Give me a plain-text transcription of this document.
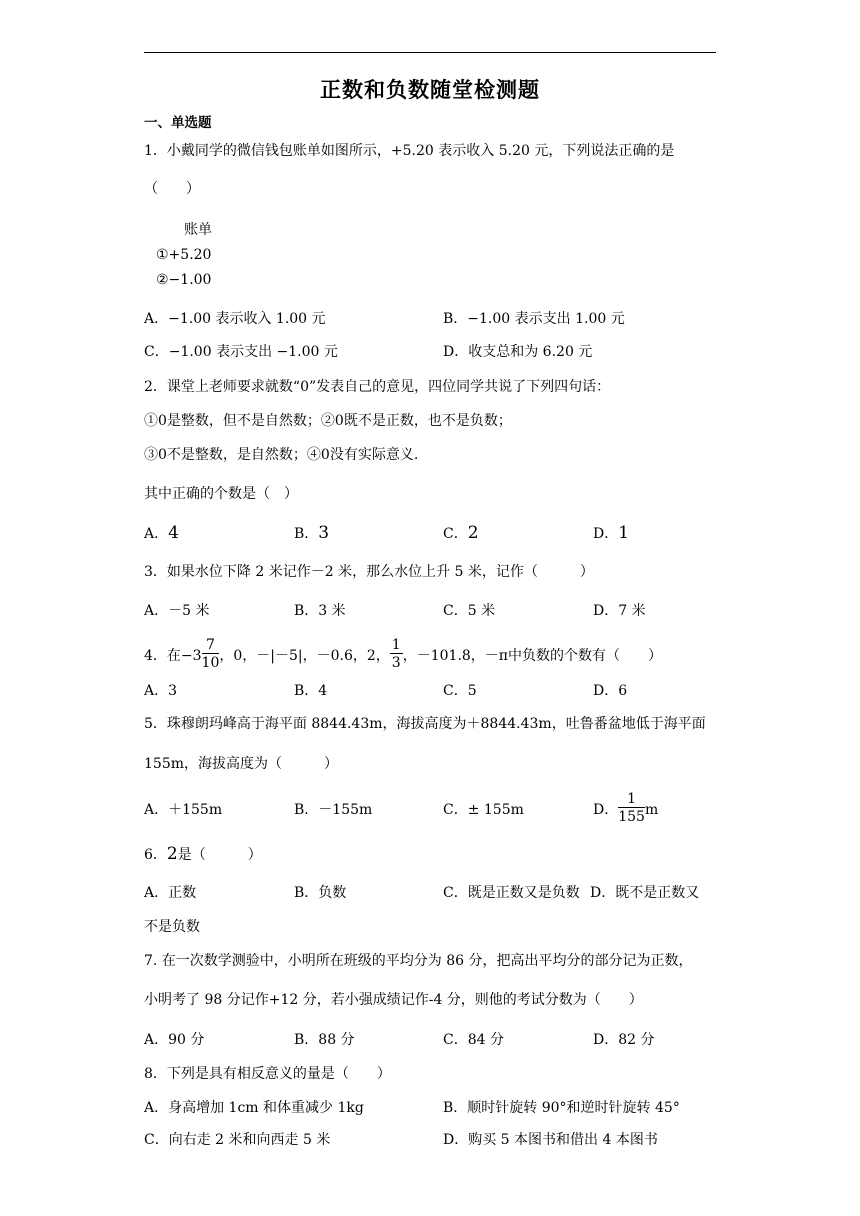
正数和负数随堂检测题
一、单选题
1．小戴同学的微信钱包账单如图所示，+5.20 表示收入 5.20 元，下列说法正确的是
（　　）
账单
①+5.20
②−1.00
A．−1.00 表示收入 1.00 元	B．−1.00 表示支出 1.00 元
C．−1.00 表示支出 −1.00 元	D．收支总和为 6.20 元
2．课堂上老师要求就数“0”发表自己的意见，四位同学共说了下列四句话：
①0是整数，但不是自然数；②0既不是正数，也不是负数；
③0不是整数，是自然数；④0没有实际意义.
其中正确的个数是（　）
A．4	B．3	C．2	D．1
3．如果水位下降 2 米记作－2 米，那么水位上升 5 米，记作（　　　）
A．－5 米	B．3 米	C．5 米	D．7 米
4．在$-3 \frac{7}{10}$ ，0，－|－5|，－0.6，2， $\frac{1}{3}$ ，－101.8，－π中负数的个数有（　　）
A．3	B．4	C．5	D．6
5．珠穆朗玛峰高于海平面 8844.43m，海拔高度为＋8844.43m，吐鲁番盆地低于海平面
155m，海拔高度为（　　　）
A．＋155m	B．－155m	C．± 155m	D． $\frac{1}{155}$ m
6．2是（　　　）
A．正数	B．负数	C．既是正数又是负数 D．既不是正数又
不是负数
7. 在一次数学测验中，小明所在班级的平均分为 86 分，把高出平均分的部分记为正数，
小明考了 98 分记作+12 分，若小强成绩记作-4 分，则他的考试分数为（　　）
A．90 分	B．88 分	C．84 分	D．82 分
8．下列是具有相反意义的量是（　　）
A．身高增加 1cm 和体重减少 1kg	B．顺时针旋转 90°和逆时针旋转 45°
C．向右走 2 米和向西走 5 米	D．购买 5 本图书和借出 4 本图书
